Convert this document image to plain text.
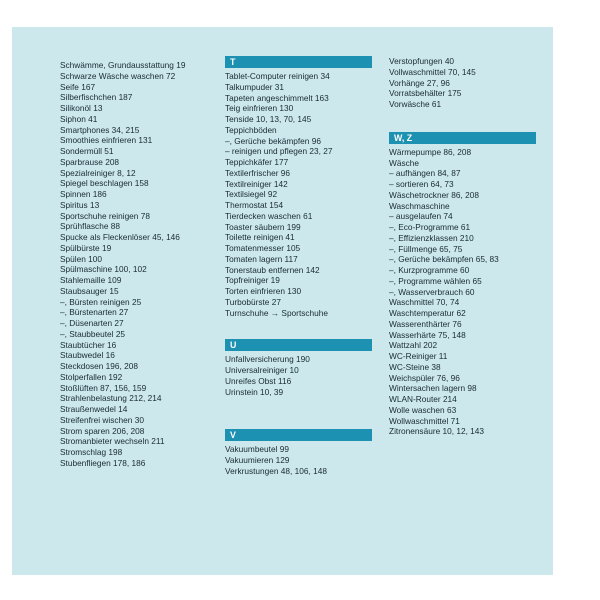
Schwämme, Grundausstattung 19
Schwarze Wäsche waschen 72
Seife 167
Silberfischchen 187
Silikonöl 13
Siphon 41
Smartphones 34, 215
Smoothies einfrieren 131
Sondermüll 51
Sparbrause 208
Spezialreiniger 8, 12
Spiegel beschlagen 158
Spinnen 186
Spiritus 13
Sportschuhe reinigen 78
Sprühflasche 88
Spucke als Fleckenlöser 45, 146
Spülbürste 19
Spülen 100
Spülmaschine 100, 102
Stahlemaille 109
Staubsauger 15
–, Bürsten reinigen 25
–, Bürstenarten 27
–, Düsenarten 27
–, Staubbeutel 25
Staubtücher 16
Staubwedel 16
Steckdosen 196, 208
Stolperfallen 192
Stoßlüften 87, 156, 159
Strahlenbelastung 212, 214
Straußenwedel 14
Streifenfrei wischen 30
Strom sparen 206, 208
Stromanbieter wechseln 211
Stromschlag 198
Stubenfliegen 178, 186
T
Tablet-Computer reinigen 34
Talkumpuder 31
Tapeten angeschimmelt 163
Teig einfrieren 130
Tenside 10, 13, 70, 145
Teppichböden
–, Gerüche bekämpfen 96
– reinigen und pflegen 23, 27
Teppichkäfer 177
Textilerfrischer 96
Textilreiniger 142
Textilsiegel 92
Thermostat 154
Tierdecken waschen 61
Toaster säubern 199
Toilette reinigen 41
Tomatenmesser 105
Tomaten lagern 117
Tonerstaub entfernen 142
Topfreiniger 19
Torten einfrieren 130
Turbobürste 27
Turnschuhe → Sportschuhe
U
Unfallversicherung 190
Universalreiniger 10
Unreifes Obst 116
Urinstein 10, 39
V
Vakuumbeutel 99
Vakuumieren 129
Verkrustungen 48, 106, 148
Verstopfungen 40
Vollwaschmittel 70, 145
Vorhänge 27, 96
Vorratsbehälter 175
Vorwäsche 61
W, Z
Wärmepumpe 86, 208
Wäsche
– aufhängen 84, 87
– sortieren 64, 73
Wäschetrockner 86, 208
Waschmaschine
– ausgelaufen 74
–, Eco-Programme 61
–, Effizienzklassen 210
–, Füllmenge 65, 75
–, Gerüche bekämpfen 65, 83
–, Kurzprogramme 60
–, Programme wählen 65
–, Wasserverbrauch 60
Waschmittel 70, 74
Waschtemperatur 62
Wasserenthärter 76
Wasserhärte 75, 148
Wattzahl 202
WC-Reiniger 11
WC-Steine 38
Weichspüler 76, 96
Wintersachen lagern 98
WLAN-Router 214
Wolle waschen 63
Wollwaschmittel 71
Zitronensäure 10, 12, 143
